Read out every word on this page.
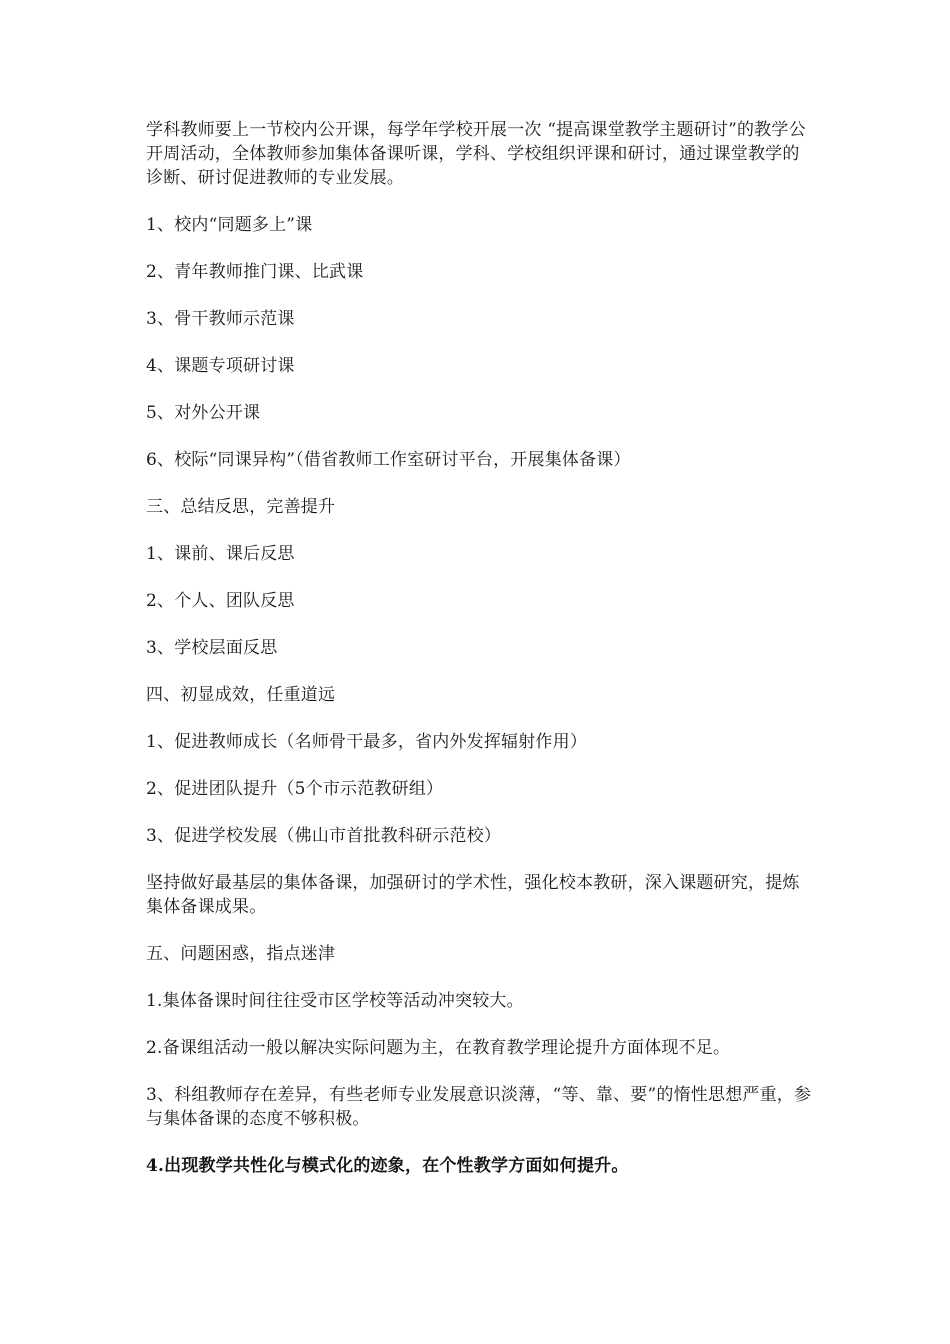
学科教师要上一节校内公开课，每学年学校开展一次 “提高课堂教学主题研讨”的教学公开周活动，全体教师参加集体备课听课，学科、学校组织评课和研讨，通过课堂教学的诊断、研讨促进教师的专业发展。

1、校内“同题多上”课

2、青年教师推门课、比武课

3、骨干教师示范课

4、课题专项研讨课

5、对外公开课

6、校际“同课异构”（借省教师工作室研讨平台，开展集体备课）

三、总结反思，完善提升

1、课前、课后反思

2、个人、团队反思

3、学校层面反思

四、初显成效，任重道远

1、促进教师成长（名师骨干最多，省内外发挥辐射作用）

2、促进团队提升（5个市示范教研组）

3、促进学校发展（佛山市首批教科研示范校）

坚持做好最基层的集体备课，加强研讨的学术性，强化校本教研，深入课题研究，提炼集体备课成果。

五、问题困惑，指点迷津

1.集体备课时间往往受市区学校等活动冲突较大。

2.备课组活动一般以解决实际问题为主，在教育教学理论提升方面体现不足。

3、科组教师存在差异，有些老师专业发展意识淡薄，“等、靠、要”的惰性思想严重，参与集体备课的态度不够积极。

4.出现教学共性化与模式化的迹象，在个性教学方面如何提升。
